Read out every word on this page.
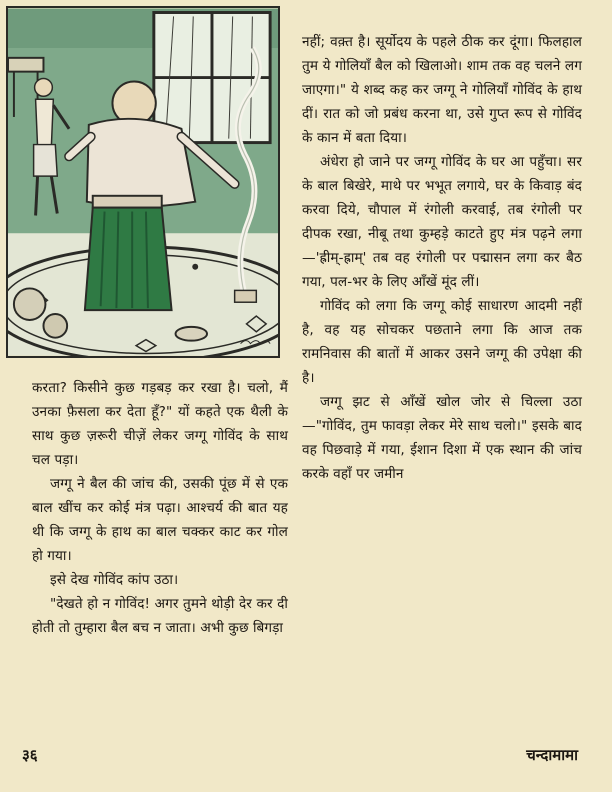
करता? किसीने कुछ गड़बड़ कर रखा है। चलो, मैं उनका फ़ैसला कर देता हूँ?" यों कहते एक थैली के साथ कुछ ज़रूरी चीज़ें लेकर जग्गू गोविंद के साथ चल पड़ा।

जग्गू ने बैल की जांच की, उसकी पूंछ में से एक बाल खींच कर कोई मंत्र पढ़ा। आश्चर्य की बात यह थी कि जग्गू के हाथ का बाल चक्कर काट कर गोल हो गया।

इसे देख गोविंद कांप उठा।

"देखते हो न गोविंद! अगर तुमने थोड़ी देर कर दी होती तो तुम्हारा बैल बच न जाता। अभी कुछ बिगड़ा

नहीं; वक़्त है। सूर्योदय के पहले ठीक कर दूंगा। फिलहाल तुम ये गोलियाँ बैल को खिलाओ। शाम तक वह चलने लग जाएगा।" ये शब्द कह कर जग्गू ने गोलियाँ गोविंद के हाथ दीं। रात को जो प्रबंध करना था, उसे गुप्त रूप से गोविंद के कान में बता दिया।

अंधेरा हो जाने पर जग्गू गोविंद के घर आ पहुँचा। सर के बाल बिखेरे, माथे पर भभूत लगाये, घर के किवाड़ बंद करवा दिये, चौपाल में रंगोली करवाई, तब रंगोली पर दीपक रखा, नीबू तथा कुम्हड़े काटते हुए मंत्र पढ़ने लगा—'ह्रीम्-ह्राम्' तब वह रंगोली पर पद्मासन लगा कर बैठ गया, पल-भर के लिए आँखें मूंद लीं।

गोविंद को लगा कि जग्गू कोई साधारण आदमी नहीं है, वह यह सोचकर पछताने लगा कि आज तक रामनिवास की बातों में आकर उसने जग्गू की उपेक्षा की है।

जग्गू झट से आँखें खोल जोर से चिल्ला उठा—"गोविंद, तुम फावड़ा लेकर मेरे साथ चलो।" इसके बाद वह पिछवाड़े में गया, ईशान दिशा में एक स्थान की जांच करके वहाँ पर जमीन

३६	चन्दामामा
